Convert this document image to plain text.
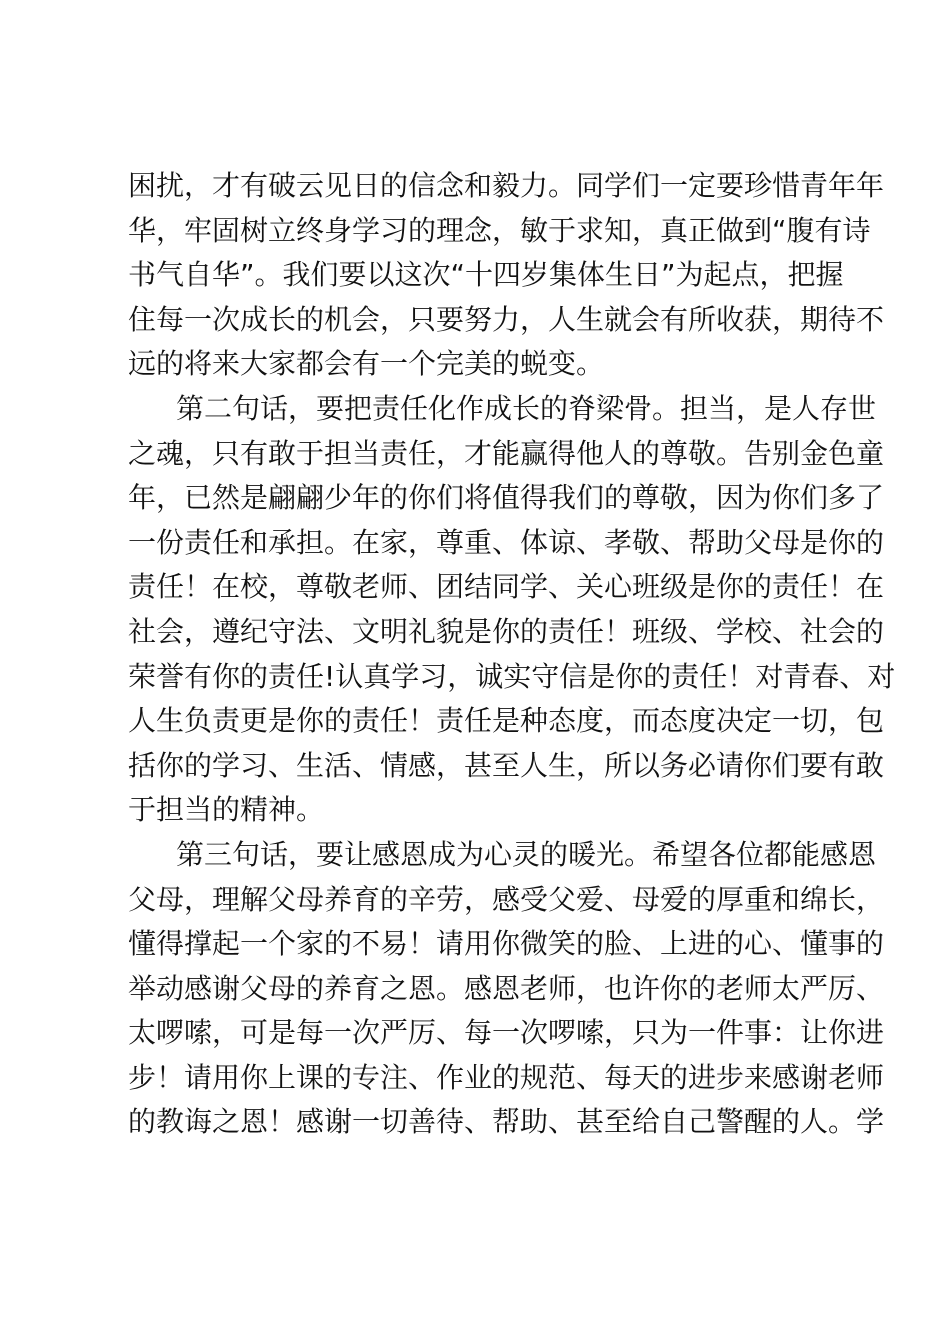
困扰，才有破云见日的信念和毅力。同学们一定要珍惜青年年
华，牢固树立终身学习的理念，敏于求知，真正做到“腹有诗
书气自华”。我们要以这次“十四岁集体生日”为起点，把握
住每一次成长的机会，只要努力，人生就会有所收获，期待不
远的将来大家都会有一个完美的蜕变。
第二句话，要把责任化作成长的脊梁骨。担当，是人存世
之魂，只有敢于担当责任，才能赢得他人的尊敬。告别金色童
年，已然是翩翩少年的你们将值得我们的尊敬，因为你们多了
一份责任和承担。在家，尊重、体谅、孝敬、帮助父母是你的
责任！在校，尊敬老师、团结同学、关心班级是你的责任！在
社会，遵纪守法、文明礼貌是你的责任！班级、学校、社会的
荣誉有你的责任!认真学习，诚实守信是你的责任！对青春、对
人生负责更是你的责任！责任是种态度，而态度决定一切，包
括你的学习、生活、情感，甚至人生，所以务必请你们要有敢
于担当的精神。
第三句话，要让感恩成为心灵的暖光。希望各位都能感恩
父母，理解父母养育的辛劳，感受父爱、母爱的厚重和绵长，
懂得撑起一个家的不易！请用你微笑的脸、上进的心、懂事的
举动感谢父母的养育之恩。感恩老师，也许你的老师太严厉、
太啰嗦，可是每一次严厉、每一次啰嗦，只为一件事：让你进
步！请用你上课的专注、作业的规范、每天的进步来感谢老师
的教诲之恩！感谢一切善待、帮助、甚至给自己警醒的人。学
